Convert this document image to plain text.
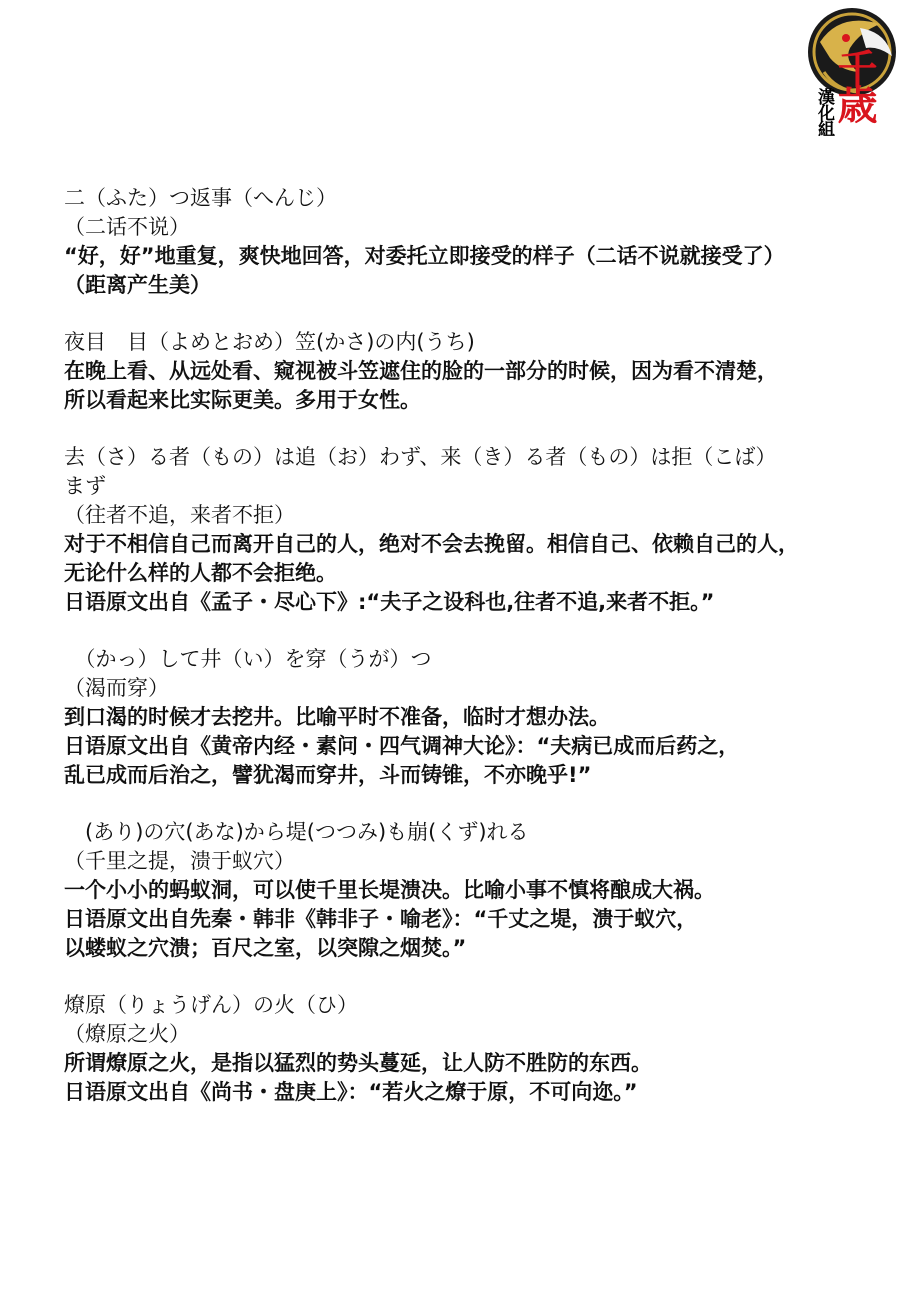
千歳
漢化組
二（ふた）つ返事（へんじ）
（二话不说）
“好，好”地重复，爽快地回答，对委托立即接受的样子（二话不说就接受了）
（距离产生美）
夜目　目（よめとおめ）笠(かさ)の内(うち)
在晚上看、从远处看、窥视被斗笠遮住的脸的一部分的时候，因为看不清楚，
所以看起来比实际更美。多用于女性。
去（さ）る者（もの）は追（お）わず、来（き）る者（もの）は拒（こば）
まず
（往者不追，来者不拒）
对于不相信自己而离开自己的人，绝对不会去挽留。相信自己、依赖自己的人，
无论什么样的人都不会拒绝。
日语原文出自《孟子・尽心下》:“夫子之设科也,往者不追,来者不拒。”
　（かっ）して井（い）を穿（うが）つ
（渴而穿）
到口渴的时候才去挖井。比喻平时不准备，临时才想办法。
日语原文出自《黄帝内经・素问・四气调神大论》：“夫病已成而后药之，
乱已成而后治之，譬犹渴而穿井，斗而铸锥，不亦晚乎!”
　(あり)の穴(あな)から堤(つつみ)も崩(くず)れる
（千里之提，溃于蚁穴）
一个小小的蚂蚁洞，可以使千里长堤溃决。比喻小事不慎将酿成大祸。
日语原文出自先秦・韩非《韩非子・喻老》：“千丈之堤，溃于蚁穴，
以蝼蚁之穴溃；百尺之室，以突隙之烟焚。”
燎原（りょうげん）の火（ひ）
（燎原之火）
所谓燎原之火，是指以猛烈的势头蔓延，让人防不胜防的东西。
日语原文出自《尚书・盘庚上》：“若火之燎于原，不可向迩。”
